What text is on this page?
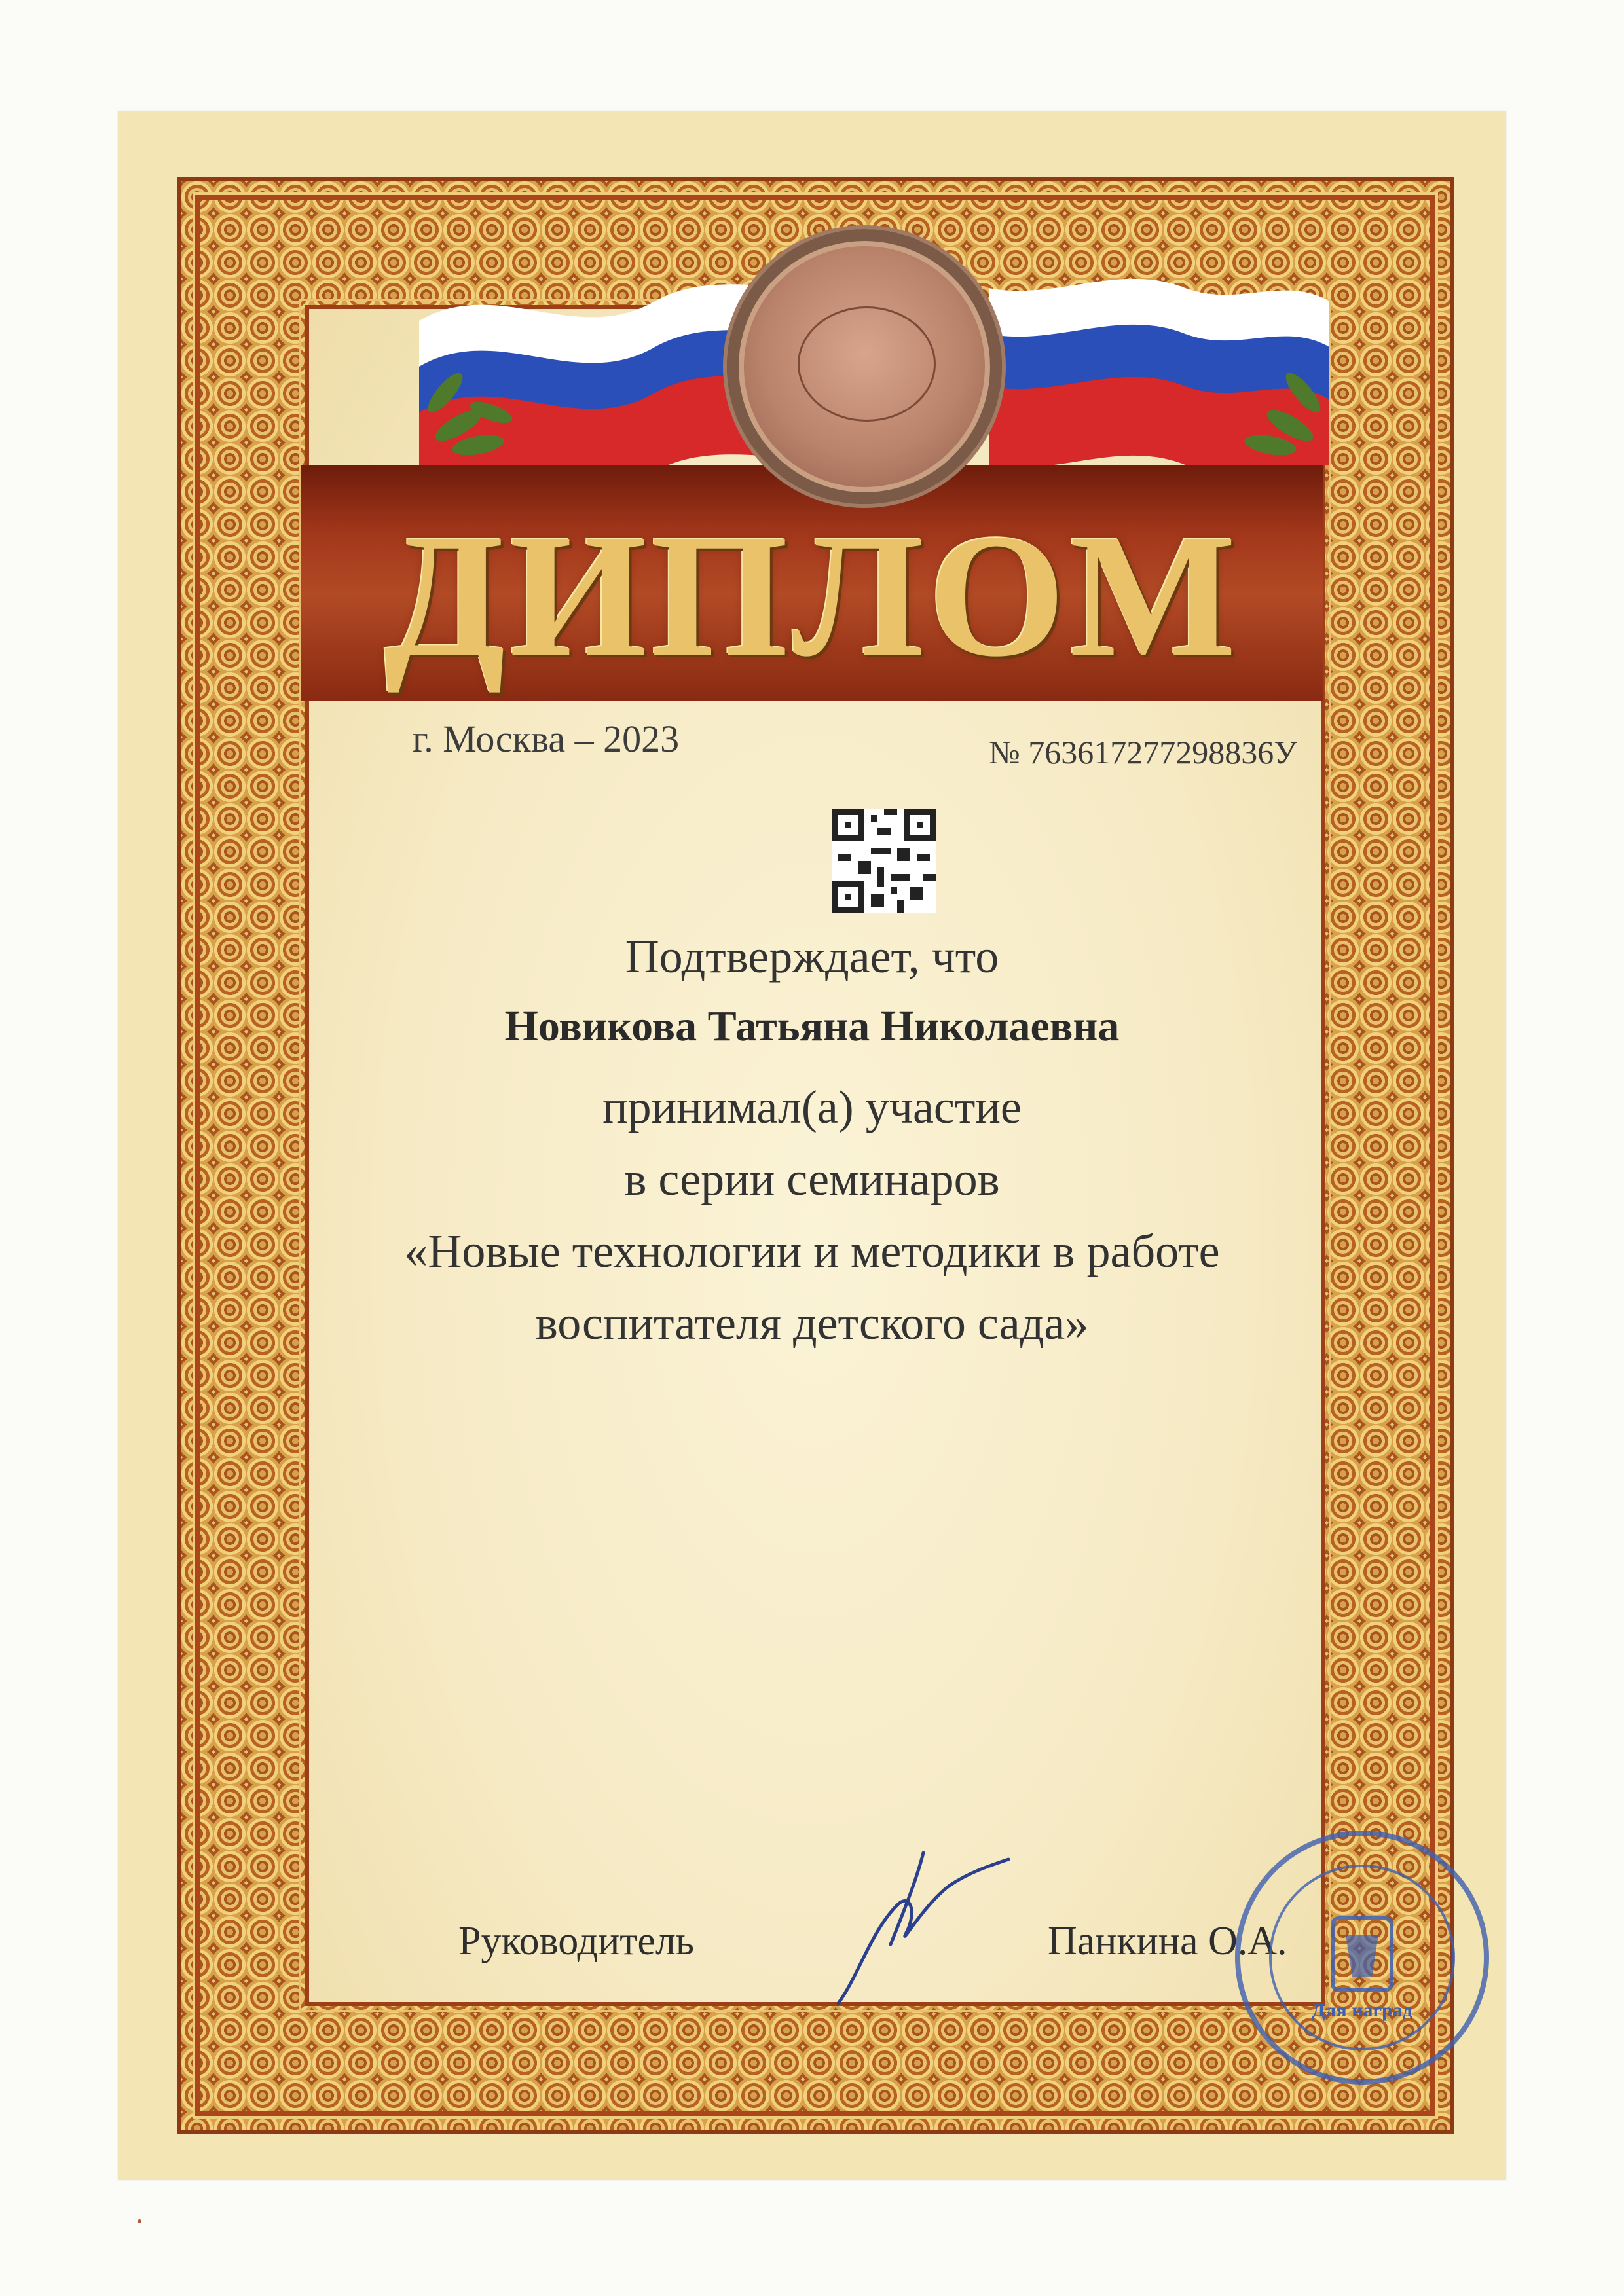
ДИПЛОМ
г. Москва – 2023	№ 763617277298836У
Подтверждает, что
Новикова Татьяна Николаевна
принимал(а) участие
в серии семинаров
«Новые технологии и методики в работе
воспитателя детского сада»
Руководитель	Панкина О.А.
Для наград
